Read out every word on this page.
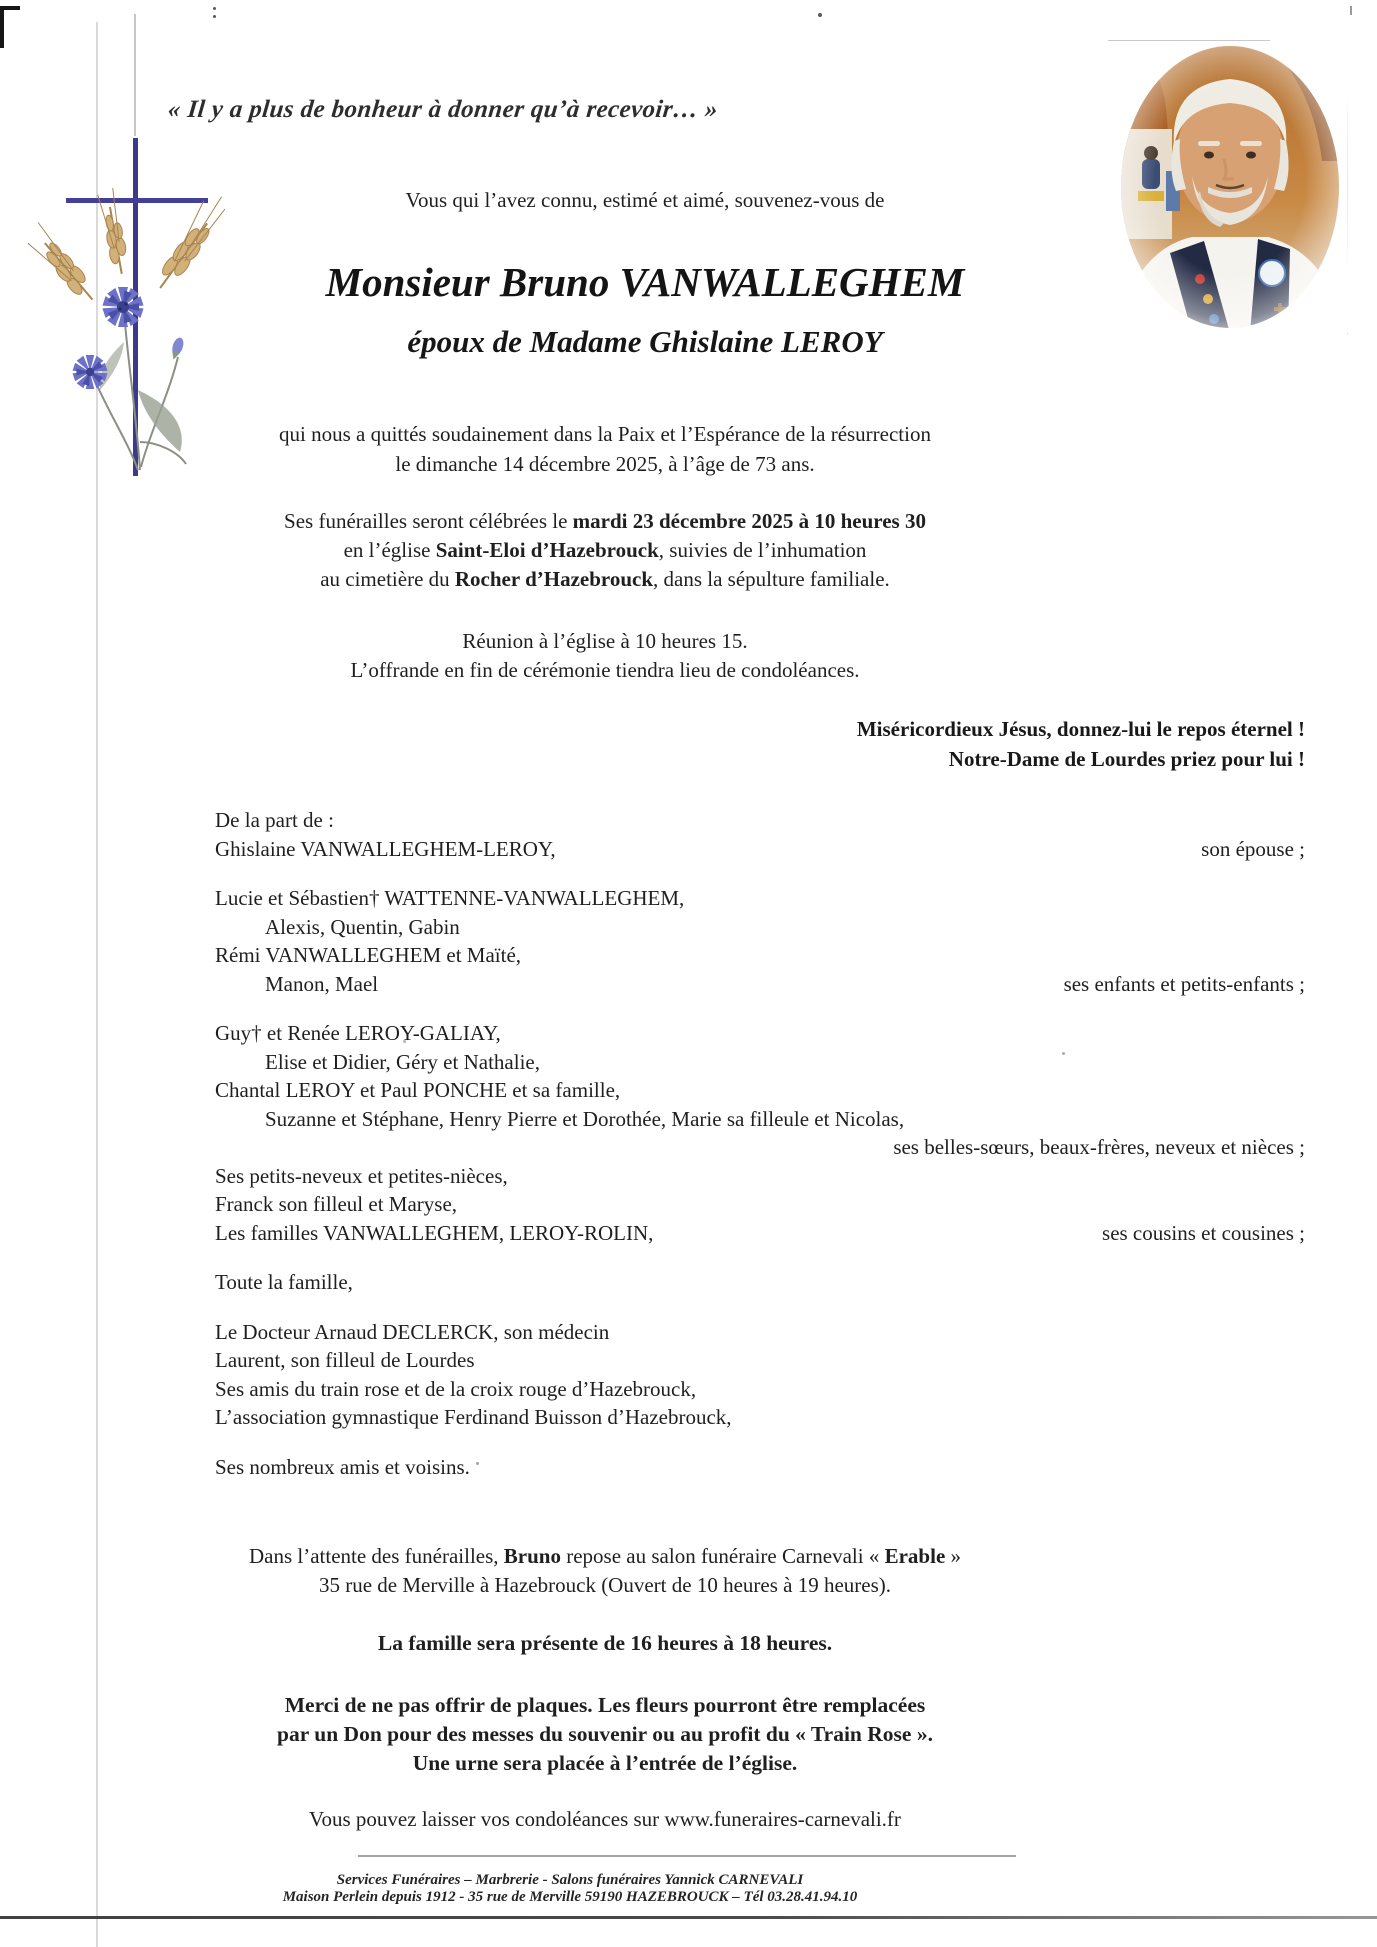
« Il y a plus de bonheur à donner qu’à recevoir… »
Vous qui l’avez connu, estimé et aimé, souvenez-vous de
Monsieur Bruno VANWALLEGHEM
époux de Madame Ghislaine LEROY
qui nous a quittés soudainement dans la Paix et l’Espérance de la résurrection
le dimanche 14 décembre 2025, à l’âge de 73 ans.
Ses funérailles seront célébrées le mardi 23 décembre 2025 à 10 heures 30
en l’église Saint-Eloi d’Hazebrouck, suivies de l’inhumation
au cimetière du Rocher d’Hazebrouck, dans la sépulture familiale.
Réunion à l’église à 10 heures 15.
L’offrande en fin de cérémonie tiendra lieu de condoléances.
Miséricordieux Jésus, donnez-lui le repos éternel !
Notre-Dame de Lourdes priez pour lui !
De la part de :
Ghislaine VANWALLEGHEM-LEROY,	son épouse ;
Lucie et Sébastien† WATTENNE-VANWALLEGHEM,
Alexis, Quentin, Gabin
Rémi VANWALLEGHEM et Maïté,
Manon, Mael	ses enfants et petits-enfants ;
Guy† et Renée LEROY-GALIAY,
Elise et Didier, Géry et Nathalie,
Chantal LEROY et Paul PONCHE et sa famille,
Suzanne et Stéphane, Henry Pierre et Dorothée, Marie sa filleule et Nicolas,
ses belles-sœurs, beaux-frères, neveux et nièces ;
Ses petits-neveux et petites-nièces,
Franck son filleul et Maryse,
Les familles VANWALLEGHEM, LEROY-ROLIN,	ses cousins et cousines ;
Toute la famille,
Le Docteur Arnaud DECLERCK, son médecin
Laurent, son filleul de Lourdes
Ses amis du train rose et de la croix rouge d’Hazebrouck,
L’association gymnastique Ferdinand Buisson d’Hazebrouck,
Ses nombreux amis et voisins.
Dans l’attente des funérailles, Bruno repose au salon funéraire Carnevali « Erable »
35 rue de Merville à Hazebrouck (Ouvert de 10 heures à 19 heures).
La famille sera présente de 16 heures à 18 heures.
Merci de ne pas offrir de plaques. Les fleurs pourront être remplacées
par un Don pour des messes du souvenir ou au profit du « Train Rose ».
Une urne sera placée à l’entrée de l’église.
Vous pouvez laisser vos condoléances sur www.funeraires-carnevali.fr
Services Funéraires – Marbrerie - Salons funéraires Yannick CARNEVALI
Maison Perlein depuis 1912 - 35 rue de Merville 59190 HAZEBROUCK – Tél 03.28.41.94.10
